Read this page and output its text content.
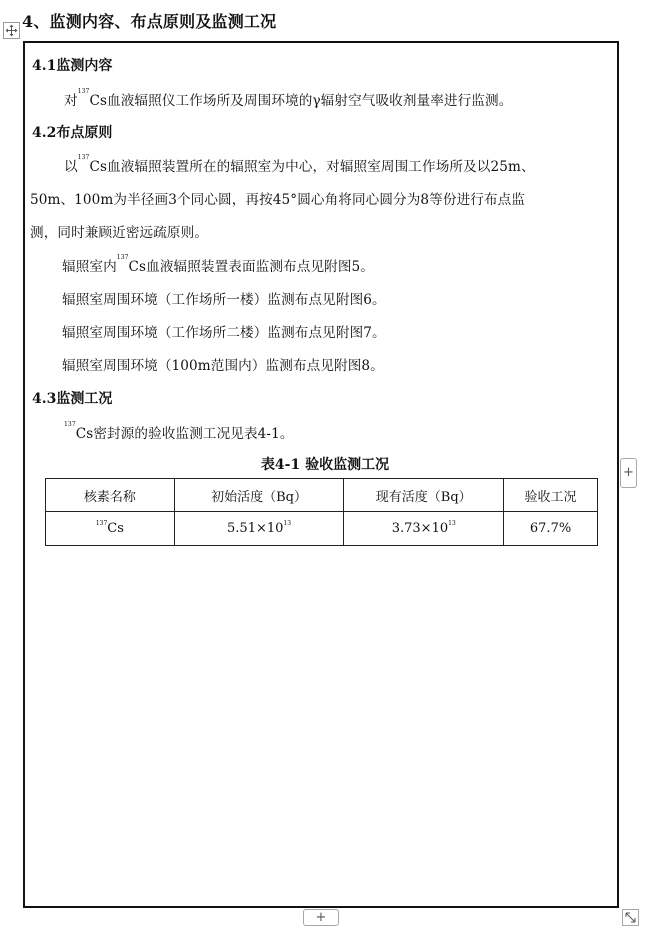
4、监测内容、布点原则及监测工况
4.1监测内容
对$^{137}$Cs血液辐照仪工作场所及周围环境的γ辐射空气吸收剂量率进行监测。
4.2布点原则
以$^{137}$Cs血液辐照装置所在的辐照室为中心，对辐照室周围工作场所及以25m、
50m、100m为半径画3个同心圆，再按45°圆心角将同心圆分为8等份进行布点监
测，同时兼顾近密远疏原则。
辐照室内$^{137}$Cs血液辐照装置表面监测布点见附图5。
辐照室周围环境（工作场所一楼）监测布点见附图6。
辐照室周围环境（工作场所二楼）监测布点见附图7。
辐照室周围环境（100m范围内）监测布点见附图8。
4.3监测工况
$^{137}$Cs密封源的验收监测工况见表4-1。
表4-1 验收监测工况
核素名称	初始活度（Bq）	现有活度（Bq）	验收工况
$^{137}$Cs	$5.51\times 10^{13}$	$3.73\times 10^{13}$	67.7%
+
+
